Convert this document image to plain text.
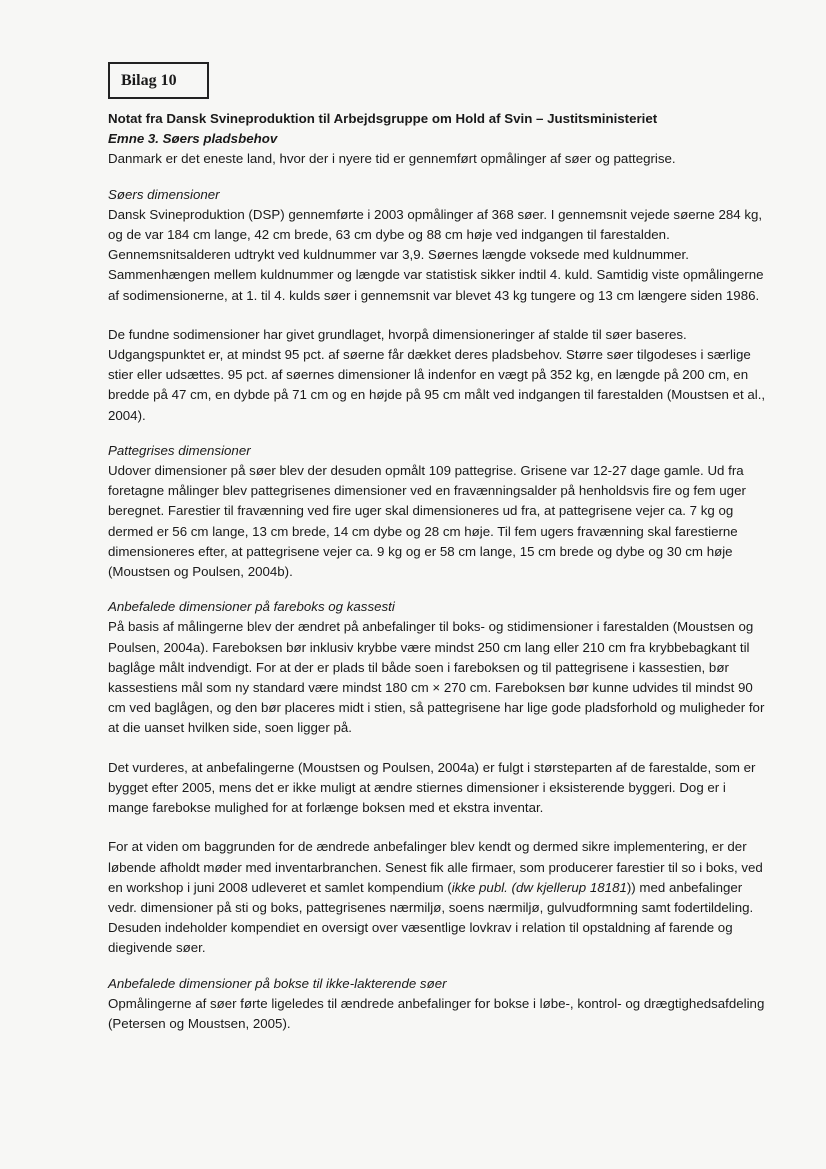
Bilag 10

Notat fra Dansk Svineproduktion til Arbejdsgruppe om Hold af Svin – Justitsministeriet

Emne 3. Søers pladsbehov

Danmark er det eneste land, hvor der i nyere tid er gennemført opmålinger af søer og pattegrise.

Søers dimensioner

Dansk Svineproduktion (DSP) gennemførte i 2003 opmålinger af 368 søer. I gennemsnit vejede søerne 284 kg, og de var 184 cm lange, 42 cm brede, 63 cm dybe og 88 cm høje ved indgangen til farestalden. Gennemsnitsalderen udtrykt ved kuldnummer var 3,9. Søernes længde voksede med kuldnummer. Sammenhængen mellem kuldnummer og længde var statistisk sikker indtil 4. kuld. Samtidig viste opmålingerne af sodimensionerne, at 1. til 4. kulds søer i gennemsnit var blevet 43 kg tungere og 13 cm længere siden 1986.

De fundne sodimensioner har givet grundlaget, hvorpå dimensioneringer af stalde til søer baseres. Udgangspunktet er, at mindst 95 pct. af søerne får dækket deres pladsbehov. Større søer tilgodeses i særlige stier eller udsættes. 95 pct. af søernes dimensioner lå indenfor en vægt på 352 kg, en længde på 200 cm, en bredde på 47 cm, en dybde på 71 cm og en højde på 95 cm målt ved indgangen til farestalden (Moustsen et al., 2004).

Pattegrises dimensioner

Udover dimensioner på søer blev der desuden opmålt 109 pattegrise. Grisene var 12-27 dage gamle. Ud fra foretagne målinger blev pattegrisenes dimensioner ved en fravænningsalder på henholdsvis fire og fem uger beregnet. Farestier til fravænning ved fire uger skal dimensioneres ud fra, at pattegrisene vejer ca. 7 kg og dermed er 56 cm lange, 13 cm brede, 14 cm dybe og 28 cm høje. Til fem ugers fravænning skal farestierne dimensioneres efter, at pattegrisene vejer ca. 9 kg og er 58 cm lange, 15 cm brede og dybe og 30 cm høje (Moustsen og Poulsen, 2004b).

Anbefalede dimensioner på fareboks og kassesti

På basis af målingerne blev der ændret på anbefalinger til boks- og stidimensioner i farestalden (Moustsen og Poulsen, 2004a). Fareboksen bør inklusiv krybbe være mindst 250 cm lang eller 210 cm fra krybbebagkant til baglåge målt indvendigt. For at der er plads til både soen i fareboksen og til pattegrisene i kassestien, bør kassestiens mål som ny standard være mindst 180 cm × 270 cm. Fareboksen bør kunne udvides til mindst 90 cm ved baglågen, og den bør placeres midt i stien, så pattegrisene har lige gode pladsforhold og muligheder for at die uanset hvilken side, soen ligger på.

Det vurderes, at anbefalingerne (Moustsen og Poulsen, 2004a) er fulgt i størsteparten af de farestalde, som er bygget efter 2005, mens det er ikke muligt at ændre stiernes dimensioner i eksisterende byggeri. Dog er i mange farebokse mulighed for at forlænge boksen med et ekstra inventar.

For at viden om baggrunden for de ændrede anbefalinger blev kendt og dermed sikre implementering, er der løbende afholdt møder med inventarbranchen. Senest fik alle firmaer, som producerer farestier til so i boks, ved en workshop i juni 2008 udleveret et samlet kompendium (ikke publ. (dw kjellerup 18181)) med anbefalinger vedr. dimensioner på sti og boks, pattegrisenes nærmiljø, soens nærmiljø, gulvudformning samt fodertildeling. Desuden indeholder kompendiet en oversigt over væsentlige lovkrav i relation til opstaldning af farende og diegivende søer.

Anbefalede dimensioner på bokse til ikke-lakterende søer

Opmålingerne af søer førte ligeledes til ændrede anbefalinger for bokse i løbe-, kontrol- og drægtighedsafdeling (Petersen og Moustsen, 2005).
